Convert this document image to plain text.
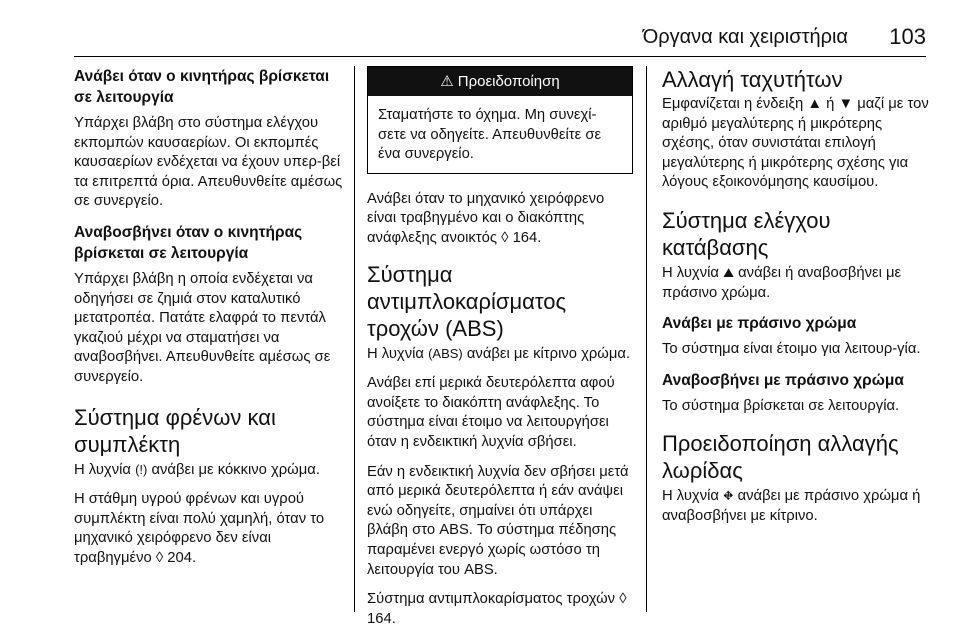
Όργανα και χειριστήρια 103
Ανάβει όταν ο κινητήρας βρίσκεται σε λειτουργία

Υπάρχει βλάβη στο σύστημα ελέγχου εκπομπών καυσαερίων. Οι εκπομπές καυσαερίων ενδέχεται να έχουν υπερ-βεί τα επιτρεπτά όρια. Απευθυνθείτε αμέσως σε συνεργείο.

Αναβοσβήνει όταν ο κινητήρας βρίσκεται σε λειτουργία

Υπάρχει βλάβη η οποία ενδέχεται να οδηγήσει σε ζημιά στον καταλυτικό μετατροπέα. Πατάτε ελαφρά το πεντάλ γκαζιού μέχρι να σταματήσει να αναβοσβήνει. Απευθυνθείτε αμέσως σε συνεργείο.

Σύστημα φρένων και συμπλέκτη

Η λυχνία (!) ανάβει με κόκκινο χρώμα.

Η στάθμη υγρού φρένων και υγρού συμπλέκτη είναι πολύ χαμηλή, όταν το μηχανικό χειρόφρενο δεν είναι τραβηγμένο ◊ 204.

⚠ Προειδοποίηση

Σταματήστε το όχημα. Μη συνεχί-σετε να οδηγείτε. Απευθυνθείτε σε ένα συνεργείο.

Ανάβει όταν το μηχανικό χειρόφρενο είναι τραβηγμένο και ο διακόπτης ανάφλεξης ανοικτός ◊ 164.

Σύστημα αντιμπλοκαρίσματος τροχών (ABS)

Η λυχνία (ABS) ανάβει με κίτρινο χρώμα.

Ανάβει επί μερικά δευτερόλεπτα αφού ανοίξετε το διακόπτη ανάφλεξης. Το σύστημα είναι έτοιμο να λειτουργήσει όταν η ενδεικτική λυχνία σβήσει.

Εάν η ενδεικτική λυχνία δεν σβήσει μετά από μερικά δευτερόλεπτα ή εάν ανάψει ενώ οδηγείτε, σημαίνει ότι υπάρχει βλάβη στο ABS. Το σύστημα πέδησης παραμένει ενεργό χωρίς ωστόσο τη λειτουργία του ABS.

Σύστημα αντιμπλοκαρίσματος τροχών ◊ 164.

Αλλαγή ταχυτήτων

Εμφανίζεται η ένδειξη ▲ ή ▼ μαζί με τον αριθμό μεγαλύτερης ή μικρότερης σχέσης, όταν συνιστάται επιλογή μεγαλύτερης ή μικρότερης σχέσης για λόγους εξοικονόμησης καυσίμου.

Σύστημα ελέγχου κατάβασης

Η λυχνία ⛰ ανάβει ή αναβοσβήνει με πράσινο χρώμα.

Ανάβει με πράσινο χρώμα

Το σύστημα είναι έτοιμο για λειτουρ-γία.

Αναβοσβήνει με πράσινο χρώμα

Το σύστημα βρίσκεται σε λειτουργία.

Προειδοποίηση αλλαγής λωρίδας

Η λυχνία ⛖ ανάβει με πράσινο χρώμα ή αναβοσβήνει με κίτρινο.
